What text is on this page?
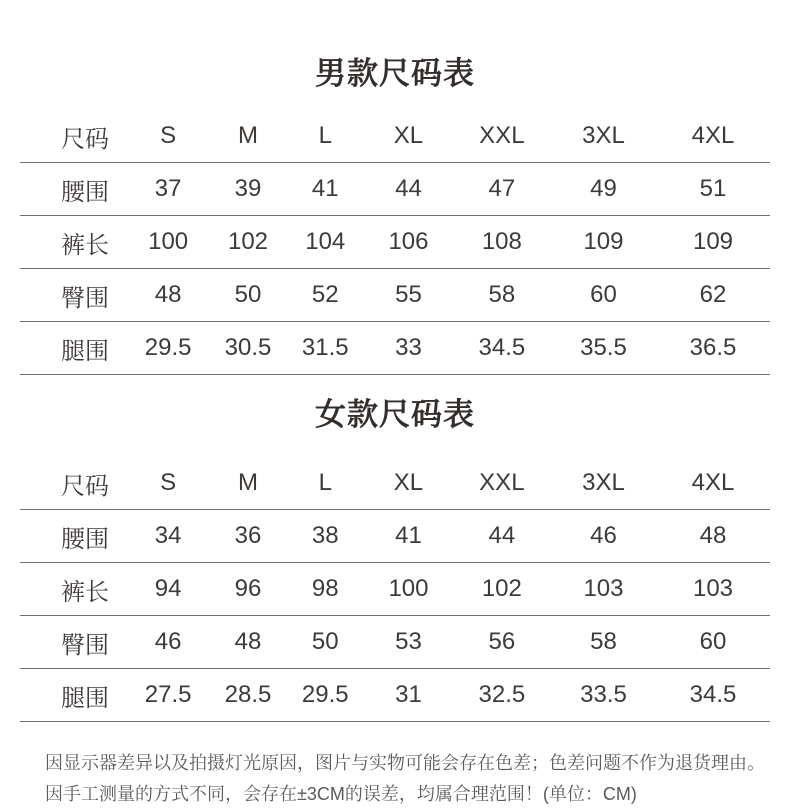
男款尺码表
尺码	S	M	L	XL	XXL	3XL	4XL
腰围	37	39	41	44	47	49	51
裤长	100	102	104	106	108	109	109
臀围	48	50	52	55	58	60	62
腿围	29.5	30.5	31.5	33	34.5	35.5	36.5
女款尺码表
尺码	S	M	L	XL	XXL	3XL	4XL
腰围	34	36	38	41	44	46	48
裤长	94	96	98	100	102	103	103
臀围	46	48	50	53	56	58	60
腿围	27.5	28.5	29.5	31	32.5	33.5	34.5

因显示器差异以及拍摄灯光原因，图片与实物可能会存在色差；色差问题不作为退货理由。

因手工测量的方式不同，会存在±3CM的误差，均属合理范围！(单位：CM)
